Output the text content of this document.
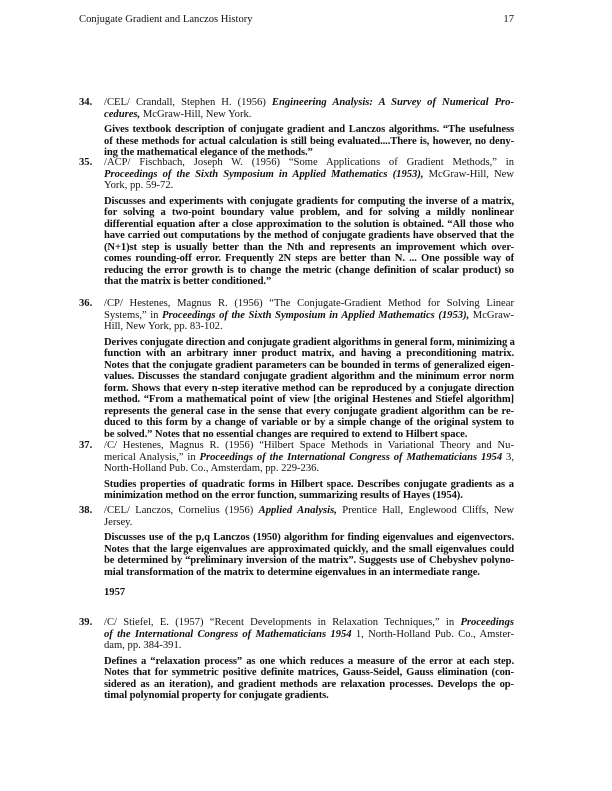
Conjugate Gradient and Lanczos History	17
34. /CEL/ Crandall, Stephen H. (1956) Engineering Analysis: A Survey of Numerical Pro-
cedures, McGraw-Hill, New York.
Gives textbook description of conjugate gradient and Lanczos algorithms. “The usefulness
of these methods for actual calculation is still being evaluated....There is, however, no deny-
ing the mathematical elegance of the methods.”
35. /ACP/ Fischbach, Joseph W. (1956) “Some Applications of Gradient Methods,” in
Proceedings of the Sixth Symposium in Applied Mathematics (1953), McGraw-Hill, New
York, pp. 59-72.
Discusses and experiments with conjugate gradients for computing the inverse of a matrix,
for solving a two-point boundary value problem, and for solving a mildly nonlinear
differential equation after a close approximation to the solution is obtained. “All those who
have carried out computations by the method of conjugate gradients have observed that the
(N+1)st step is usually better than the Nth and represents an improvement which over-
comes rounding-off error. Frequently 2N steps are better than N. ... One possible way of
reducing the error growth is to change the metric (change definition of scalar product) so
that the matrix is better conditioned.”
36. /CP/ Hestenes, Magnus R. (1956) “The Conjugate-Gradient Method for Solving Linear
Systems,” in Proceedings of the Sixth Symposium in Applied Mathematics (1953), McGraw-
Hill, New York, pp. 83-102.
Derives conjugate direction and conjugate gradient algorithms in general form, minimizing a
function with an arbitrary inner product matrix, and having a preconditioning matrix.
Notes that the conjugate gradient parameters can be bounded in terms of generalized eigen-
values. Discusses the standard conjugate gradient algorithm and the minimum error norm
form. Shows that every n-step iterative method can be reproduced by a conjugate direction
method. “From a mathematical point of view [the original Hestenes and Stiefel algorithm]
represents the general case in the sense that every conjugate gradient algorithm can be re-
duced to this form by a change of variable or by a simple change of the original system to
be solved.” Notes that no essential changes are required to extend to Hilbert space.
37. /C/ Hestenes, Magnus R. (1956) “Hilbert Space Methods in Variational Theory and Nu-
merical Analysis,” in Proceedings of the International Congress of Mathematicians 1954 3,
North-Holland Pub. Co., Amsterdam, pp. 229-236.
Studies properties of quadratic forms in Hilbert space. Describes conjugate gradients as a
minimization method on the error function, summarizing results of Hayes (1954).
38. /CEL/ Lanczos, Cornelius (1956) Applied Analysis, Prentice Hall, Englewood Cliffs, New
Jersey.
Discusses use of the p,q Lanczos (1950) algorithm for finding eigenvalues and eigenvectors.
Notes that the large eigenvalues are approximated quickly, and the small eigenvalues could
be determined by “preliminary inversion of the matrix”. Suggests use of Chebyshev polyno-
mial transformation of the matrix to determine eigenvalues in an intermediate range.
39. /C/ Stiefel, E. (1957) “Recent Developments in Relaxation Techniques,” in Proceedings
of the International Congress of Mathematicians 1954 1, North-Holland Pub. Co., Amster-
dam, pp. 384-391.
Defines a “relaxation process” as one which reduces a measure of the error at each step.
Notes that for symmetric positive definite matrices, Gauss-Seidel, Gauss elimination (con-
sidered as an iteration), and gradient methods are relaxation processes. Develops the op-
timal polynomial property for conjugate gradients.
1957
